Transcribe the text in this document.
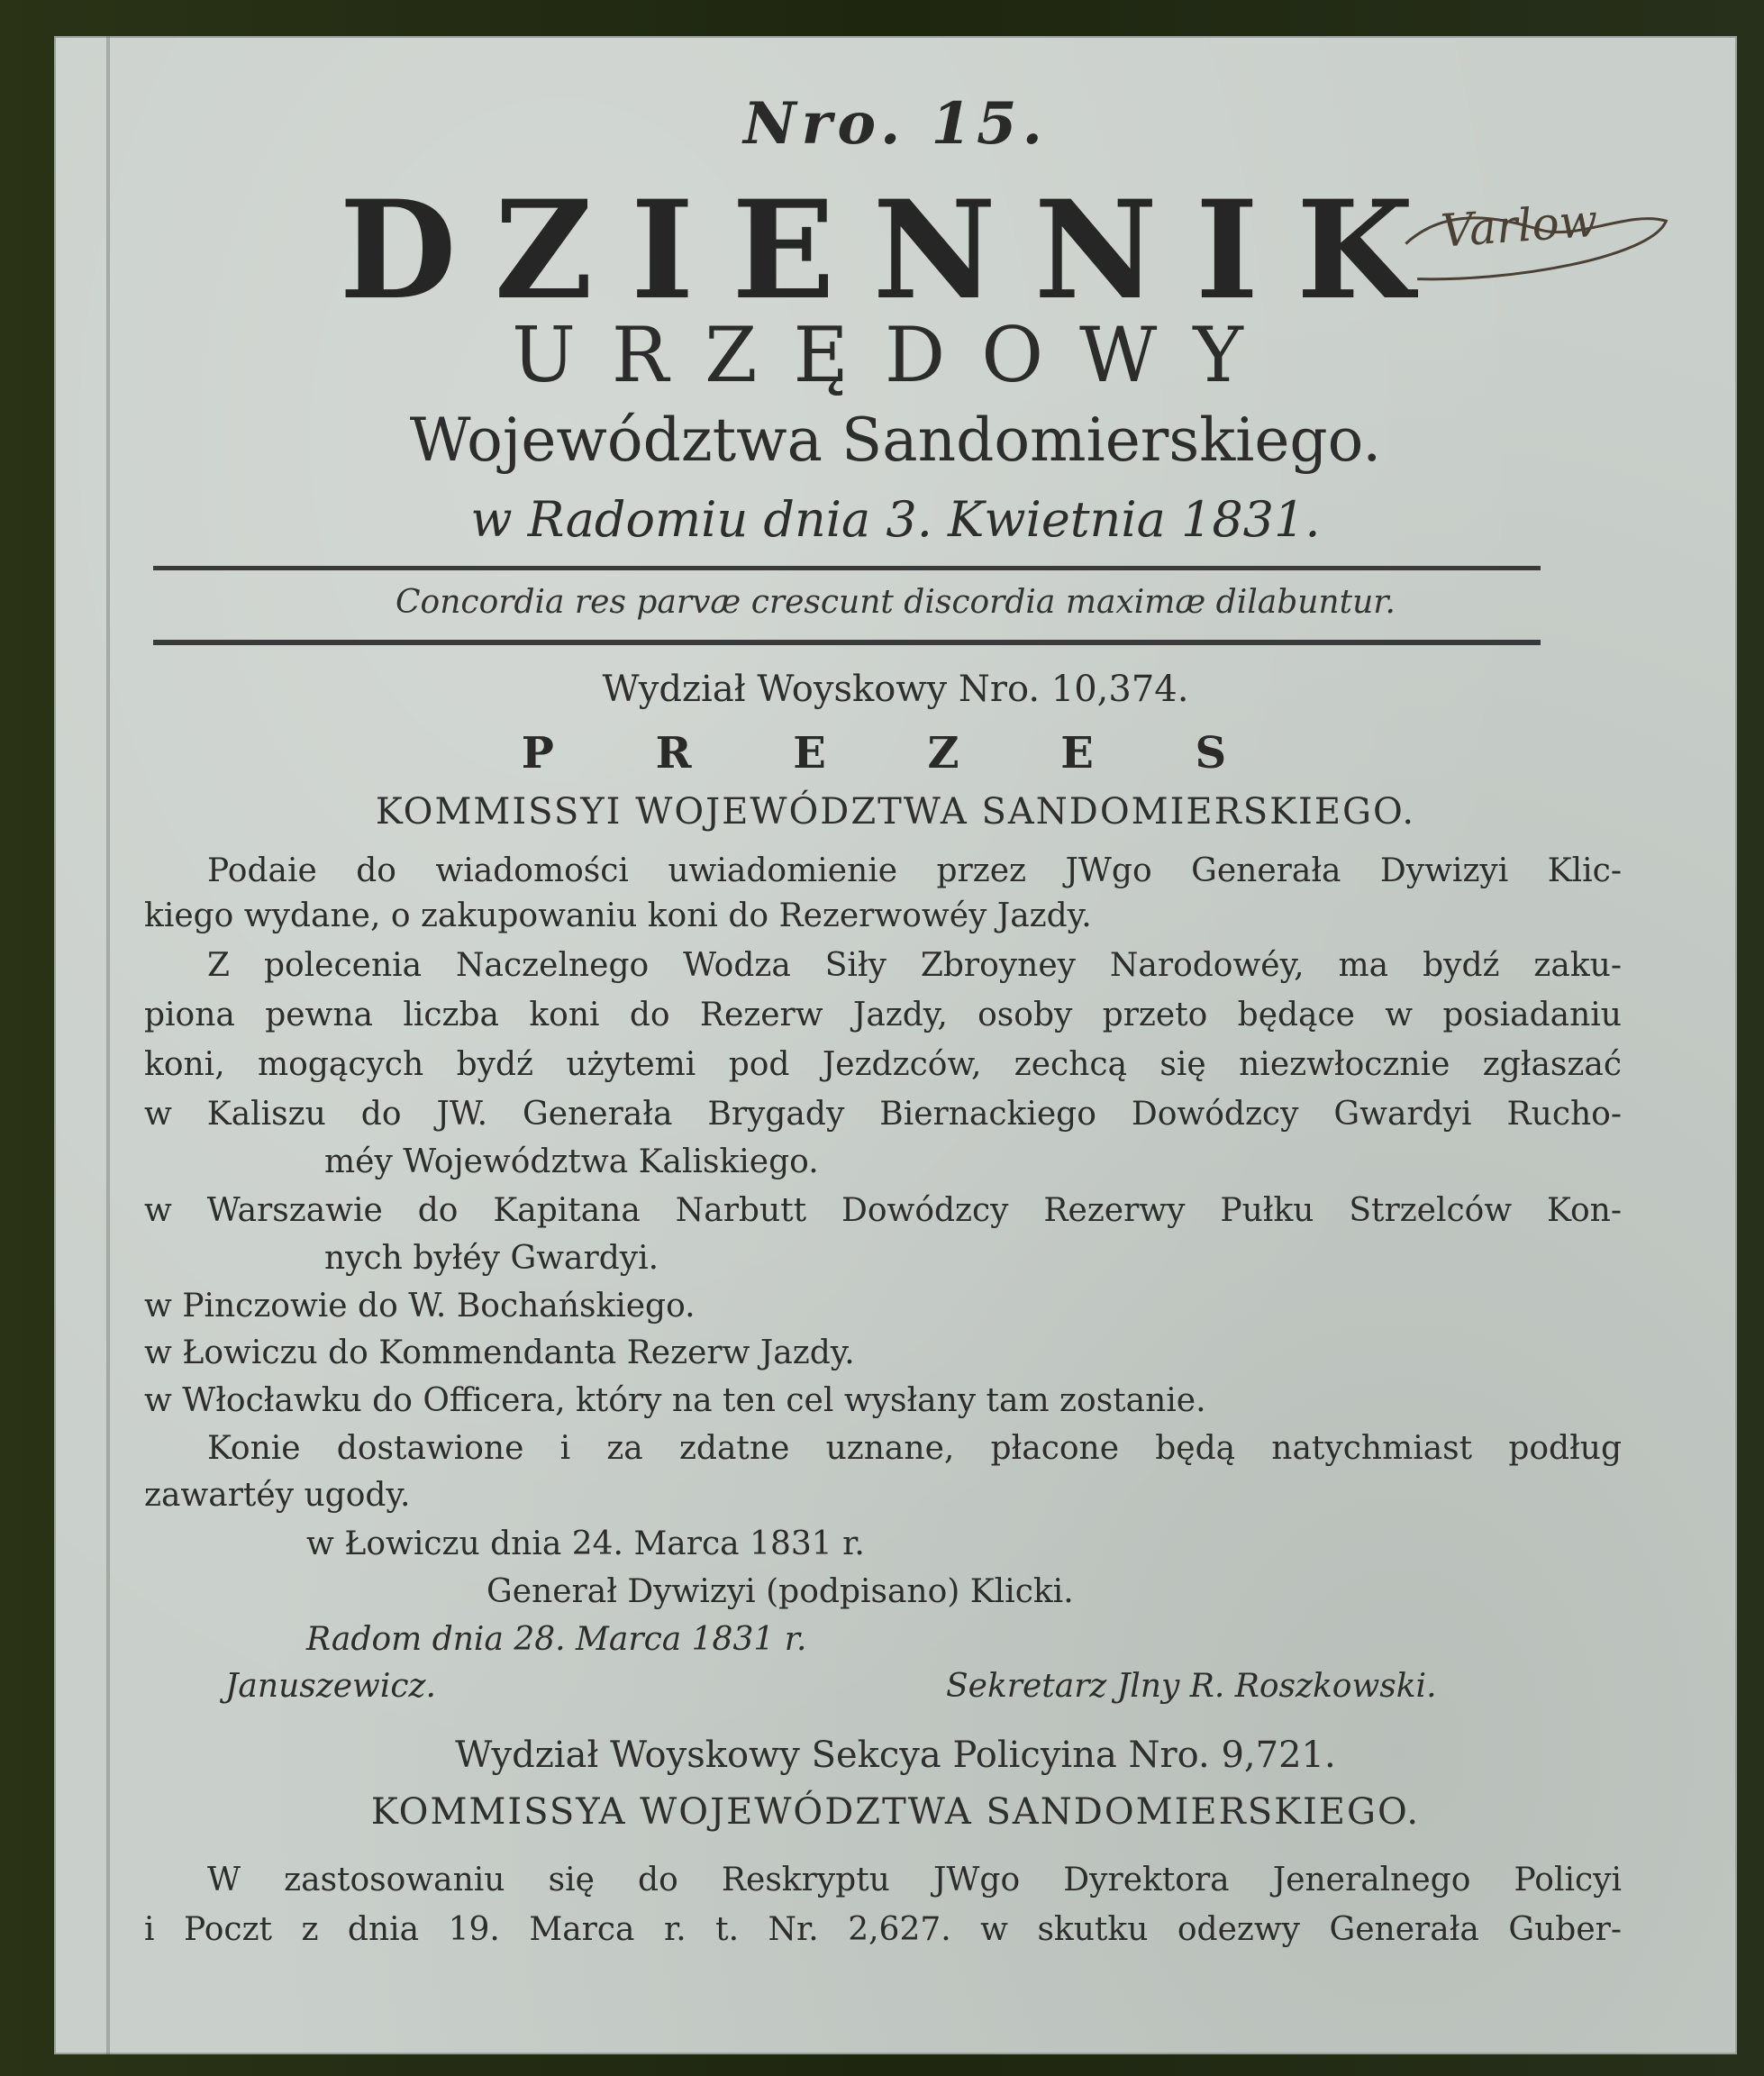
Varlow
Nro. 15.
DZIENNIK
URZĘDOWY
Województwa Sandomierskiego.
w Radomiu dnia 3. Kwietnia 1831.
Concordia res parvæ crescunt discordia maximæ dilabuntur.
Wydział Woyskowy Nro. 10,374.
P R E Z E S
KOMMISSYI WOJEWÓDZTWA SANDOMIERSKIEGO.
Podaie do wiadomości uwiadomienie przez JWgo Generała Dywizyi Klic-
kiego wydane, o zakupowaniu koni do Rezerwowéy Jazdy.
Z polecenia Naczelnego Wodza Siły Zbroyney Narodowéy, ma bydź zaku-
piona pewna liczba koni do Rezerw Jazdy, osoby przeto będące w posiadaniu
koni, mogących bydź użytemi pod Jezdzców, zechcą się niezwłocznie zgłaszać
w Kaliszu do JW. Generała Brygady Biernackiego Dowódzcy Gwardyi Rucho-
méy Województwa Kaliskiego.
w Warszawie do Kapitana Narbutt Dowódzcy Rezerwy Pułku Strzelców Kon-
nych byłéy Gwardyi.
w Pinczowie do W. Bochańskiego.
w Łowiczu do Kommendanta Rezerw Jazdy.
w Włocławku do Officera, który na ten cel wysłany tam zostanie.
Konie dostawione i za zdatne uznane, płacone będą natychmiast podług
zawartéy ugody.
w Łowiczu dnia 24. Marca 1831 r.
Generał Dywizyi (podpisano) Klicki.
Radom dnia 28. Marca 1831 r.
Januszewicz.	Sekretarz Jlny R. Roszkowski.
Wydział Woyskowy Sekcya Policyina Nro. 9,721.
KOMMISSYA WOJEWÓDZTWA SANDOMIERSKIEGO.
W zastosowaniu się do Reskryptu JWgo Dyrektora Jeneralnego Policyi
i Poczt z dnia 19. Marca r. t. Nr. 2,627. w skutku odezwy Generała Guber-
